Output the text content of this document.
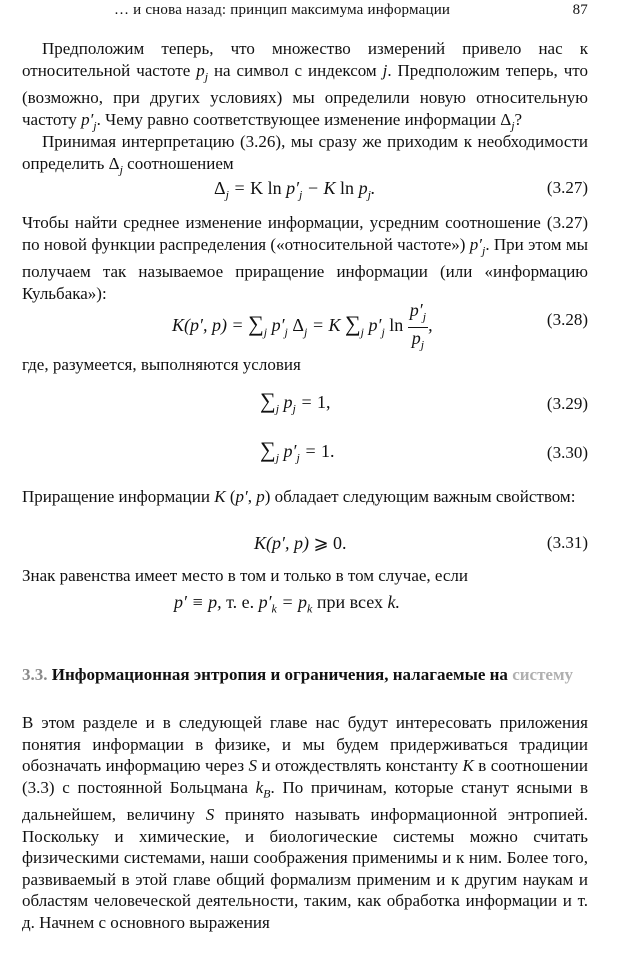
… и снова назад: принцип максимума информации	87

Предположим теперь, что множество измерений привело нас к относительной частоте $p_j$ на символ с индексом j. Предположим теперь, что (возможно, при других условиях) мы определили новую относительную частоту $p'_j$. Чему равно соответствующее изменение информации $\Delta_j$?

Принимая интерпретацию (3.26), мы сразу же приходим к необходимости определить $\Delta_j$ соотношением

$\Delta_j = K$ $\ln p'_j - K$ $\ln p_j$.	(3.27)

Чтобы найти среднее изменение информации, усредним соотношение (3.27) по новой функции распределения («относительной частоте») $p'_j$. При этом мы получаем так называемое приращение информации (или «информацию Кульбака»):

K(p′, $p) = \sum_j$ $p'_j$ $\Delta_j = K$ $\sum_j$ $p'_j$ $\ln \frac{p'_j}{p_j}$ ,	(3.28)

где, разумеется, выполняются условия

$\sum_j$ $p_j = 1$,	(3.29)
$\sum_j$ $p'_j = 1$.	(3.30)

Приращение информации K (p′, p) обладает следующим важным свойством:

K(p′, p) ⩾ 0.	(3.31)

Знак равенства имеет место в том и только в том случае, если

p′ ≡ p, т. е. $p'_k = p_k$ при всех k.

3.3. Информационная энтропия и ограничения, налагаемые на систему

В этом разделе и в следующей главе нас будут интересовать приложения понятия информации в физике, и мы будем придерживаться традиции обозначать информацию через S и отождествлять константу K в соотношении (3.3) с постоянной Больцмана $k_B$. По причинам, которые станут ясными в дальнейшем, величину S принято называть информационной энтропией. Поскольку и химические, и биологические системы можно считать физическими системами, наши соображения применимы и к ним. Более того, развиваемый в этой главе общий формализм применим и к другим наукам и областям человеческой деятельности, таким, как обработка информации и т. д. Начнем с основного выражения
